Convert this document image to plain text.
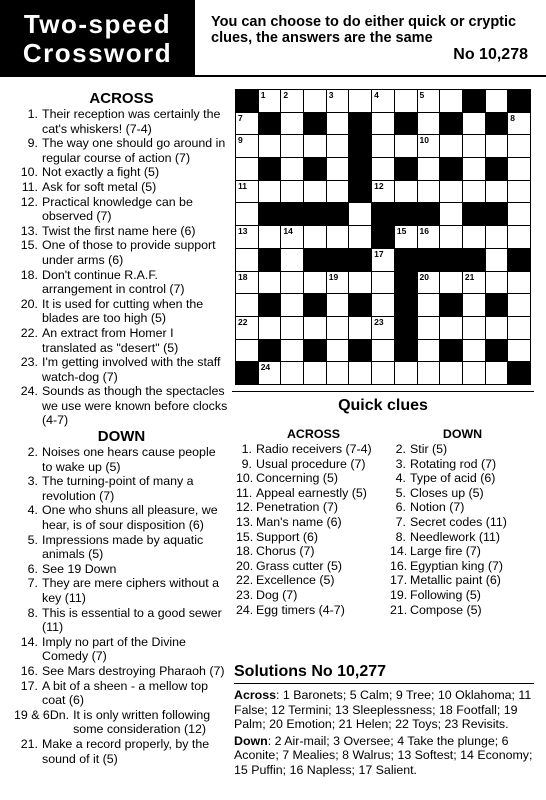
Two-speed
Crossword
You can choose to do either quick or cryptic clues, the answers are the same
No 10,278
ACROSS
1. Their reception was certainly the cat's whiskers! (7-4)
9. The way one should go around in regular course of action (7)
10. Not exactly a fight (5)
11. Ask for soft metal (5)
12. Practical knowledge can be observed (7)
13. Twist the first name here (6)
15. One of those to provide support under arms (6)
18. Don't continue R.A.F. arrangement in control (7)
20. It is used for cutting when the blades are too high (5)
22. An extract from Homer I translated as "desert" (5)
23. I'm getting involved with the staff watch-dog (7)
24. Sounds as though the spectacles we use were known before clocks (4-7)
DOWN
2. Noises one hears cause people to wake up (5)
3. The turning-point of many a revolution (7)
4. One who shuns all pleasure, we hear, is of sour disposition (6)
5. Impressions made by aquatic animals (5)
6. See 19 Down
7. They are mere ciphers without a key (11)
8. This is essential to a good sewer (11)
14. Imply no part of the Divine Comedy (7)
16. See Mars destroying Pharaoh (7)
17. A bit of a sheen - a mellow top coat (6)
19 & 6Dn. It is only written following some consideration (12)
21. Make a record properly, by the sound of it (5)
1 2	3	4	5	6
7	8
9	10
11	12
13	14	15 16
17
18	19	20	21
22	23
24
Quick clues
ACROSS
1. Radio receivers (7-4)
9. Usual procedure (7)
10. Concerning (5)
11. Appeal earnestly (5)
12. Penetration (7)
13. Man's name (6)
15. Support (6)
18. Chorus (7)
20. Grass cutter (5)
22. Excellence (5)
23. Dog (7)
24. Egg timers (4-7)
DOWN
2. Stir (5)
3. Rotating rod (7)
4. Type of acid (6)
5. Closes up (5)
6. Notion (7)
7. Secret codes (11)
8. Needlework (11)
14. Large fire (7)
16. Egyptian king (7)
17. Metallic paint (6)
19. Following (5)
21. Compose (5)
Solutions No 10,277
Across: 1 Baronets; 5 Calm; 9 Tree; 10 Oklahoma; 11 False; 12 Termini; 13 Sleeplessness; 18 Footfall; 19 Palm; 20 Emotion; 21 Helen; 22 Toys; 23 Revisits.
Down: 2 Air-mail; 3 Oversee; 4 Take the plunge; 6 Aconite; 7 Mealies; 8 Walrus; 13 Softest; 14 Economy; 15 Puffin; 16 Napless; 17 Salient.
